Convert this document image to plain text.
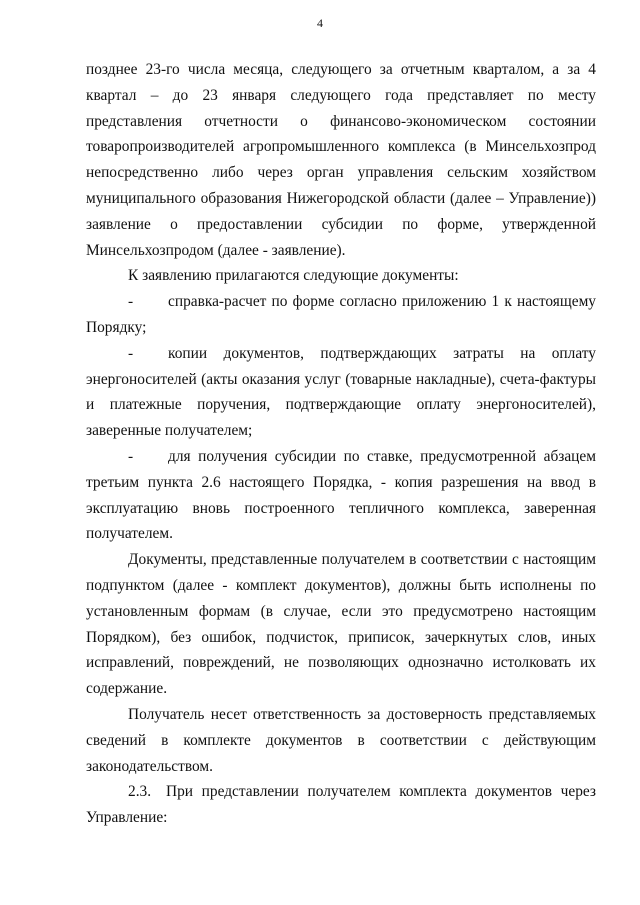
4

позднее 23-го числа месяца, следующего за отчетным кварталом, а за 4 квартал – до 23 января следующего года представляет по месту представления отчетности о финансово-экономическом состоянии товаропроизводителей агропромышленного комплекса (в Минсельхозпрод непосредственно либо через орган управления сельским хозяйством муниципального образования Нижегородской области (далее – Управление)) заявление о предоставлении субсидии по форме, утвержденной Минсельхозпродом (далее - заявление).

К заявлению прилагаются следующие документы:

- справка-расчет по форме согласно приложению 1 к настоящему Порядку;

- копии документов, подтверждающих затраты на оплату энергоносителей (акты оказания услуг (товарные накладные), счета-фактуры и платежные поручения, подтверждающие оплату энергоносителей), заверенные получателем;

- для получения субсидии по ставке, предусмотренной абзацем третьим пункта 2.6 настоящего Порядка, - копия разрешения на ввод в эксплуатацию вновь построенного тепличного комплекса, заверенная получателем.

Документы, представленные получателем в соответствии с настоящим подпунктом (далее - комплект документов), должны быть исполнены по установленным формам (в случае, если это предусмотрено настоящим Порядком), без ошибок, подчисток, приписок, зачеркнутых слов, иных исправлений, повреждений, не позволяющих однозначно истолковать их содержание.

Получатель несет ответственность за достоверность представляемых сведений в комплекте документов в соответствии с действующим законодательством.

2.3. При представлении получателем комплекта документов через Управление:
